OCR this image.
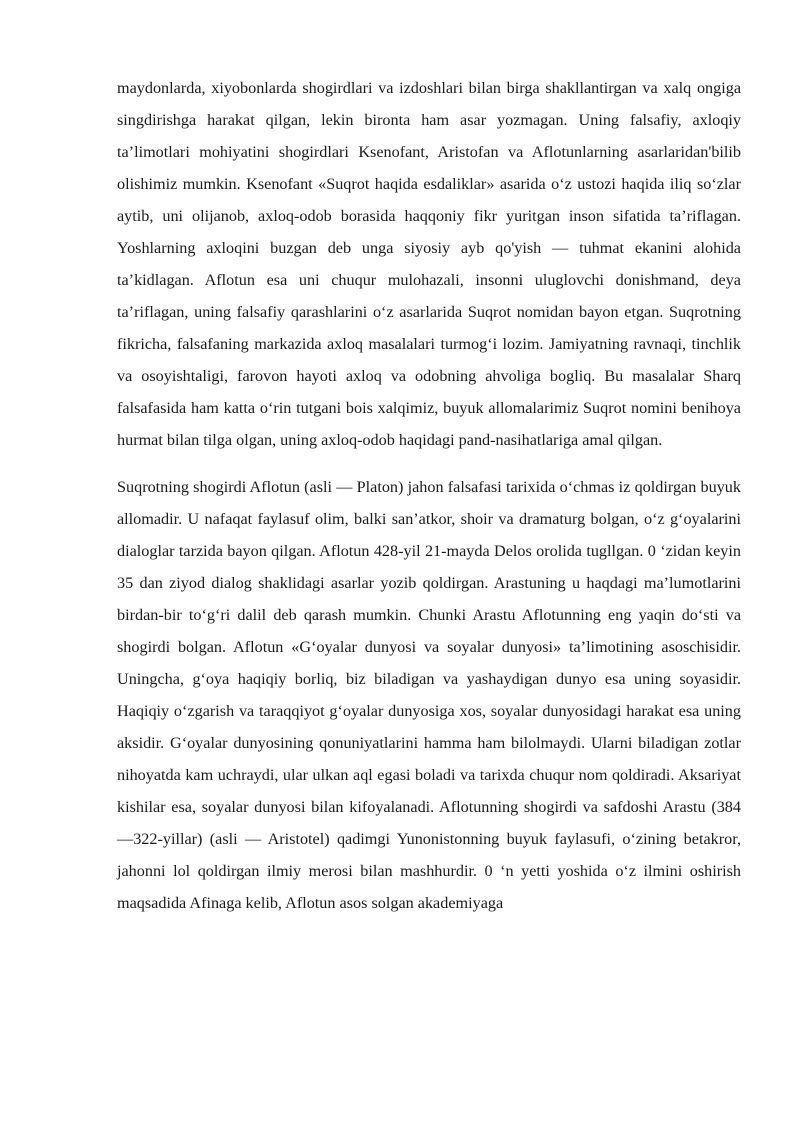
maydonlarda, xiyobonlarda shogirdlari va izdoshlari bilan birga shakllantirgan va xalq ongiga singdirishga harakat qilgan, lekin bironta ham asar yozmagan. Uning falsafiy, axloqiy ta’limotlari mohiyatini shogirdlari Ksenofant, Aristofan va Aflotunlarning asarlaridan'bilib olishimiz mumkin. Ksenofant «Suqrot haqida esdaliklar» asarida o‘z ustozi haqida iliq so‘zlar aytib, uni olijanob, axloq-odob borasida haqqoniy fikr yuritgan inson sifatida ta’riflagan. Yoshlarning axloqini buzgan deb unga siyosiy ayb qo'yish — tuhmat ekanini alohida ta’kidlagan. Aflotun esa uni chuqur mulohazali, insonni uluglovchi donishmand, deya ta’riflagan, uning falsafiy qarashlarini o‘z asarlarida Suqrot nomidan bayon etgan. Suqrotning fikricha, falsafaning markazida axloq masalalari turmog‘i lozim. Jamiyatning ravnaqi, tinchlik va osoyishtaligi, farovon hayoti axloq va odobning ahvoliga bogliq. Bu masalalar Sharq falsafasida ham katta o‘rin tutgani bois xalqimiz, buyuk allomalarimiz Suqrot nomini benihoya hurmat bilan tilga olgan, uning axloq-odob haqidagi pand-nasihatlariga amal qilgan.

Suqrotning shogirdi Aflotun (asli — Platon) jahon falsafasi tarixida o‘chmas iz qoldirgan buyuk allomadir. U nafaqat faylasuf olim, balki san’atkor, shoir va dramaturg bolgan, o‘z g‘oyalarini dialoglar tarzida bayon qilgan. Aflotun 428-yil 21-mayda Delos orolida tugllgan. 0 ‘zidan keyin 35 dan ziyod dialog shaklidagi asarlar yozib qoldirgan. Arastuning u haqdagi ma’lumotlarini birdan-bir to‘g‘ri dalil deb qarash mumkin. Chunki Arastu Aflotunning eng yaqin do‘sti va shogirdi bolgan. Aflotun «G‘oyalar dunyosi va soyalar dunyosi» ta’limotining asoschisidir. Uningcha, g‘oya haqiqiy borliq, biz biladigan va yashaydigan dunyo esa uning soyasidir. Haqiqiy o‘zgarish va taraqqiyot g‘oyalar dunyosiga xos, soyalar dunyosidagi harakat esa uning aksidir. G‘oyalar dunyosining qonuniyatlarini hamma ham bilolmaydi. Ularni biladigan zotlar nihoyatda kam uchraydi, ular ulkan aql egasi boladi va tarixda chuqur nom qoldiradi. Aksariyat kishilar esa, soyalar dunyosi bilan kifoyalanadi. Aflotunning shogirdi va safdoshi Arastu (384 —322-yillar) (asli — Aristotel) qadimgi Yunonistonning buyuk faylasufi, o‘zining betakror, jahonni lol qoldirgan ilmiy merosi bilan mashhurdir. 0 ‘n yetti yoshida o‘z ilmini oshirish maqsadida Afinaga kelib, Aflotun asos solgan akademiyaga
